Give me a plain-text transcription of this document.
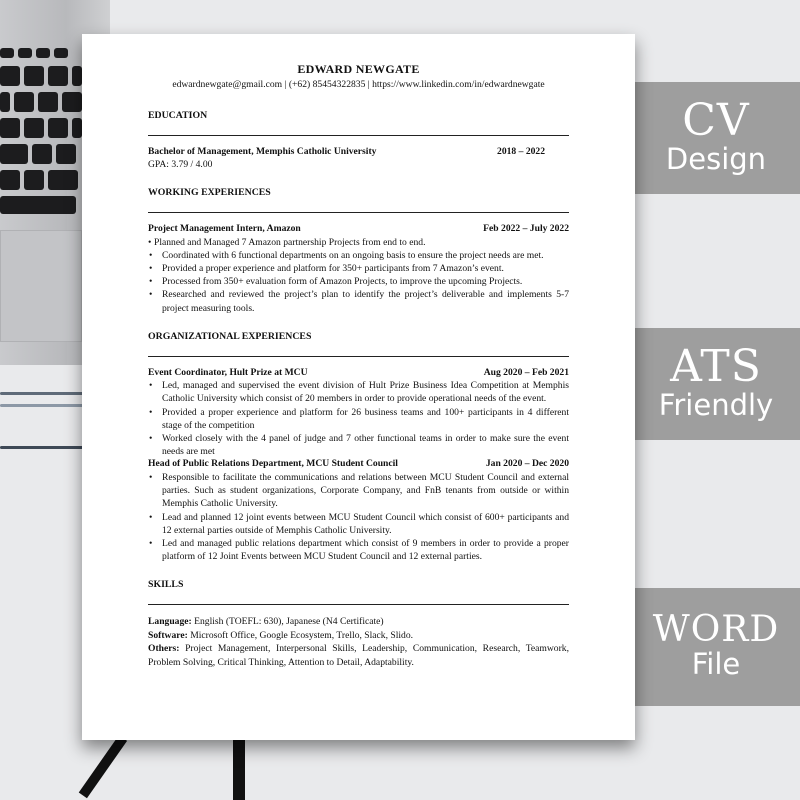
CV
Design
ATS
Friendly
WORD
File
EDWARD NEWGATE
edwardnewgate@gmail.com | (+62) 85454322835 | https://www.linkedin.com/in/edwardnewgate
EDUCATION
Bachelor of Management, Memphis Catholic University	2018 – 2022
GPA: 3.79 / 4.00
WORKING EXPERIENCES
Project Management Intern, Amazon	Feb 2022 – July 2022
• Planned and Managed 7 Amazon partnership Projects from end to end.
• Coordinated with 6 functional departments on an ongoing basis to ensure the project needs are met.
• Provided a proper experience and platform for 350+ participants from 7 Amazon’s event.
• Processed from 350+ evaluation form of Amazon Projects, to improve the upcoming Projects.
• Researched and reviewed the project’s plan to identify the project’s deliverable and implements 5-7 project measuring tools.
ORGANIZATIONAL EXPERIENCES
Event Coordinator, Hult Prize at MCU	Aug 2020 – Feb 2021
• Led, managed and supervised the event division of Hult Prize Business Idea Competition at Memphis Catholic University which consist of 20 members in order to provide operational needs of the event.
• Provided a proper experience and platform for 26 business teams and 100+ participants in 4 different stage of the competition
• Worked closely with the 4 panel of judge and 7 other functional teams in order to make sure the event needs are met
Head of Public Relations Department, MCU Student Council	Jan 2020 – Dec 2020
• Responsible to facilitate the communications and relations between MCU Student Council and external parties. Such as student organizations, Corporate Company, and FnB tenants from outside or within Memphis Catholic University.
• Lead and planned 12 joint events between MCU Student Council which consist of 600+ participants and 12 external parties outside of Memphis Catholic University.
• Led and managed public relations department which consist of 9 members in order to provide a proper platform of 12 Joint Events between MCU Student Council and 12 external parties.
SKILLS
Language: English (TOEFL: 630), Japanese (N4 Certificate)
Software: Microsoft Office, Google Ecosystem, Trello, Slack, Slido.
Others: Project Management, Interpersonal Skills, Leadership, Communication, Research, Teamwork, Problem Solving, Critical Thinking, Attention to Detail, Adaptability.
